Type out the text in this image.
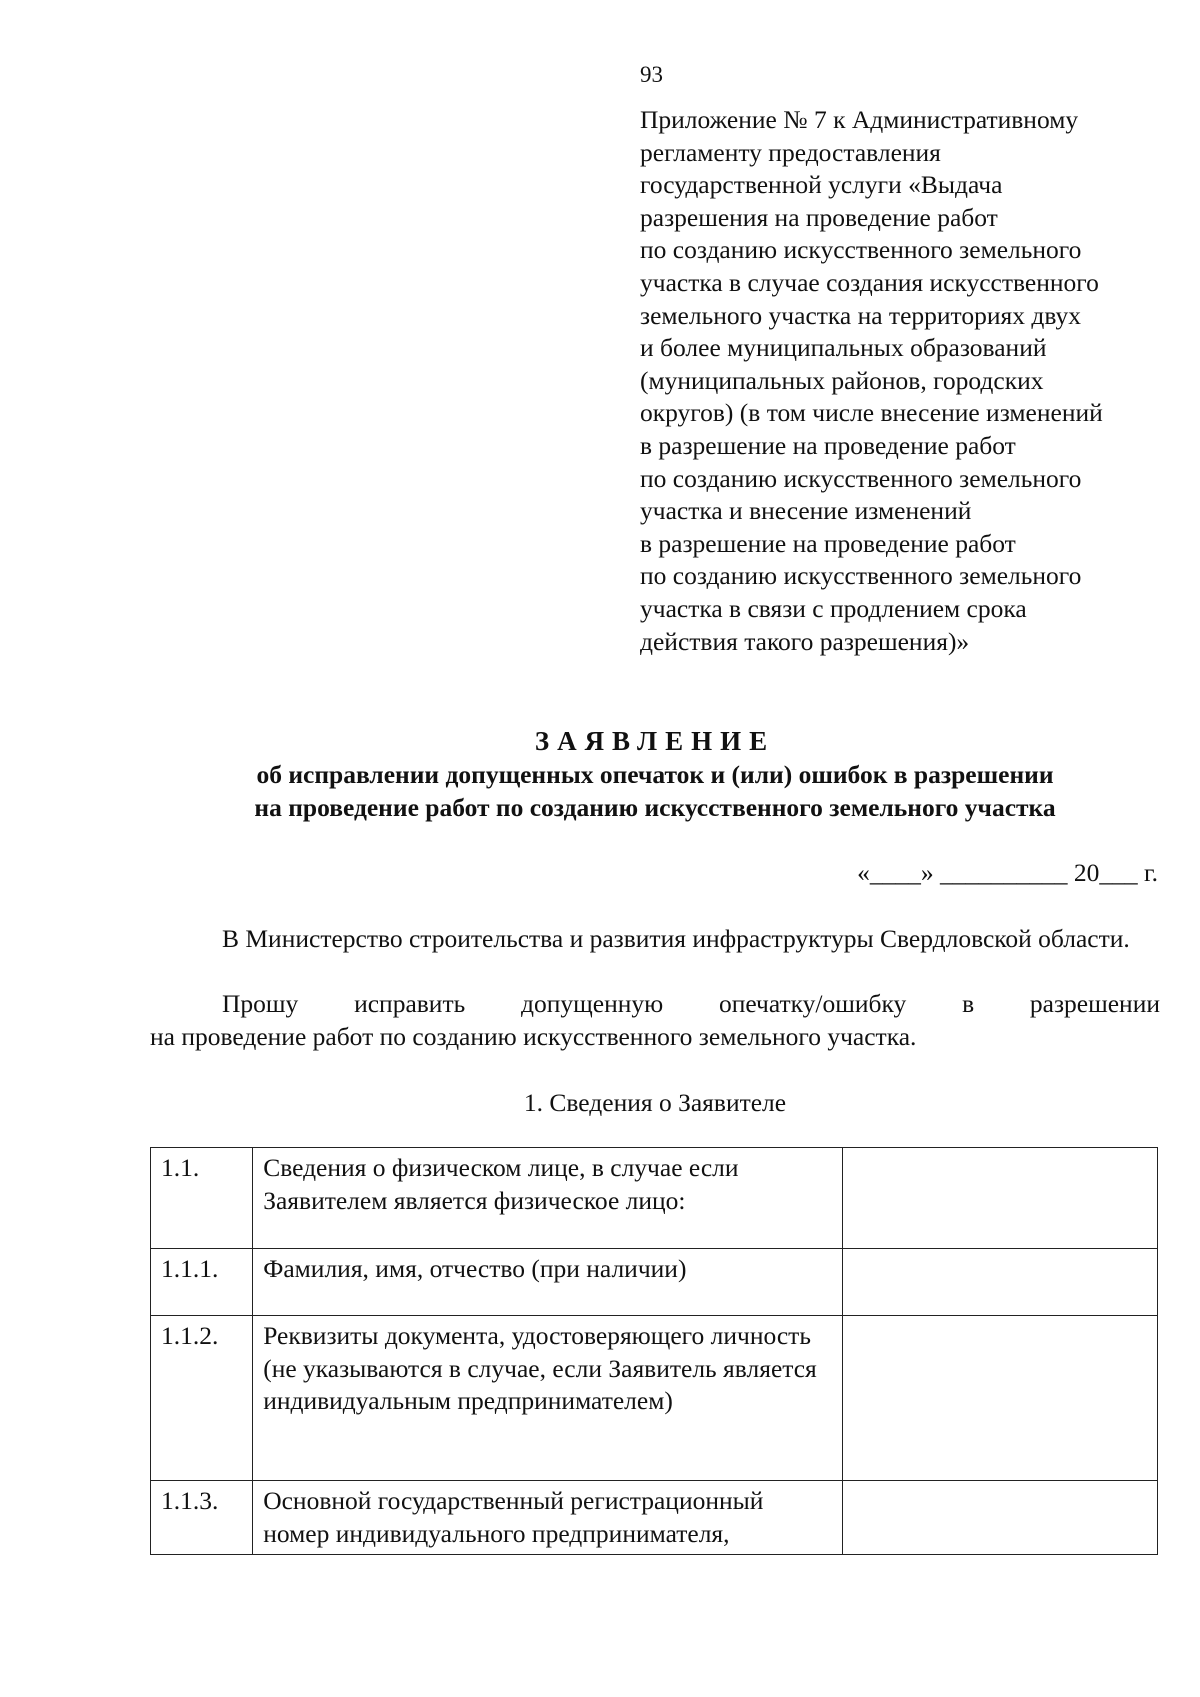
93
Приложение № 7 к Административному
регламенту предоставления
государственной услуги «Выдача
разрешения на проведение работ
по созданию искусственного земельного
участка в случае создания искусственного
земельного участка на территориях двух
и более муниципальных образований
(муниципальных районов, городских
округов) (в том числе внесение изменений
в разрешение на проведение работ
по созданию искусственного земельного
участка и внесение изменений
в разрешение на проведение работ
по созданию искусственного земельного
участка в связи с продлением срока
действия такого разрешения)»
ЗАЯВЛЕНИЕ
об исправлении допущенных опечаток и (или) ошибок в разрешении
на проведение работ по созданию искусственного земельного участка
«____» __________ 20___ г.
В Министерство строительства и развития инфраструктуры Свердловской области.
Прошу исправить допущенную опечатку/ошибку в разрешении
на проведение работ по созданию искусственного земельного участка.
1. Сведения о Заявителе
1.1.	Сведения о физическом лице, в случае если Заявителем является физическое лицо:	
1.1.1.	Фамилия, имя, отчество (при наличии)	
1.1.2.	Реквизиты документа, удостоверяющего личность (не указываются в случае, если Заявитель является индивидуальным предпринимателем)	
1.1.3.	Основной государственный регистрационный номер индивидуального предпринимателя,	
